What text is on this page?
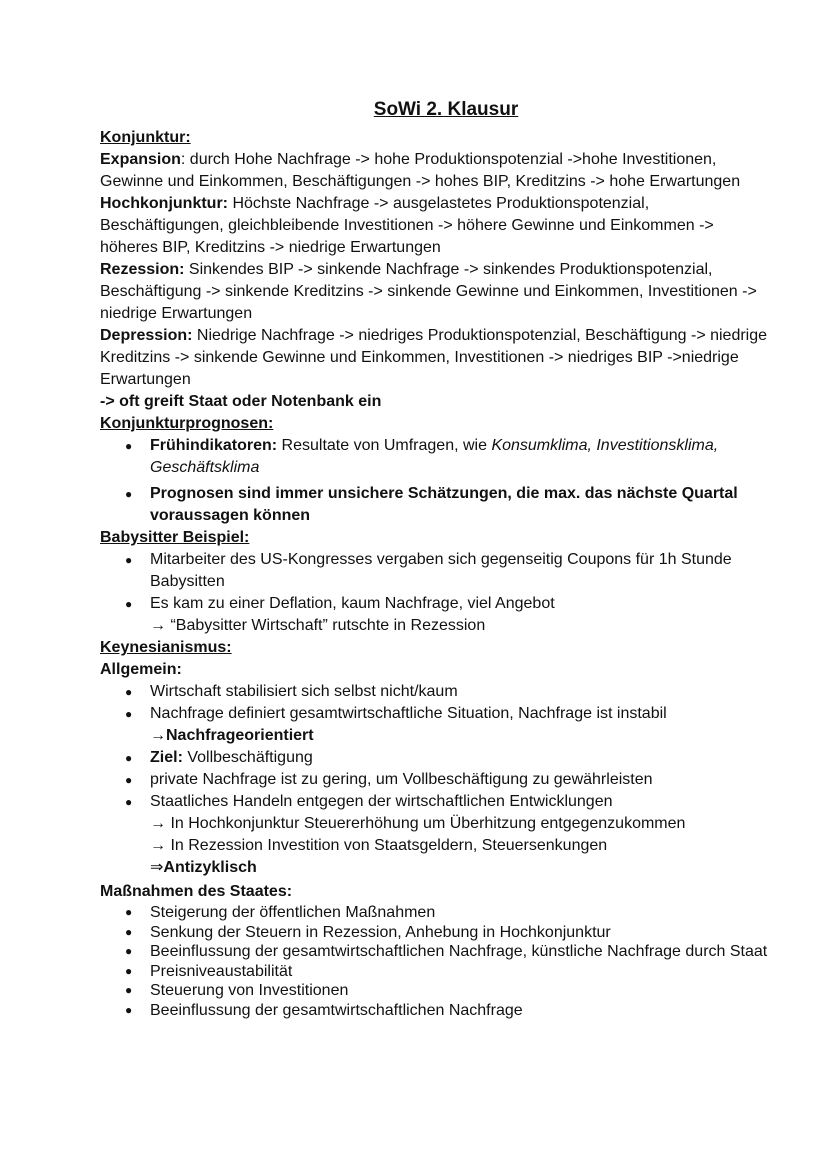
SoWi 2. Klausur

Konjunktur:

Expansion: durch Hohe Nachfrage -> hohe Produktionspotenzial ->hohe Investitionen, Gewinne und Einkommen, Beschäftigungen -> hohes BIP, Kreditzins -> hohe Erwartungen

Hochkonjunktur: Höchste Nachfrage -> ausgelastetes Produktionspotenzial, Beschäftigungen, gleichbleibende Investitionen -> höhere Gewinne und Einkommen -> höheres BIP, Kreditzins -> niedrige Erwartungen

Rezession: Sinkendes BIP -> sinkende Nachfrage -> sinkendes Produktionspotenzial, Beschäftigung -> sinkende Kreditzins -> sinkende Gewinne und Einkommen, Investitionen -> niedrige Erwartungen

Depression: Niedrige Nachfrage -> niedriges Produktionspotenzial, Beschäftigung -> niedrige Kreditzins -> sinkende Gewinne und Einkommen, Investitionen -> niedriges BIP ->niedrige Erwartungen

-> oft greift Staat oder Notenbank ein

Konjunkturprognosen:

● Frühindikatoren: Resultate von Umfragen, wie Konsumklima, Investitionsklima, Geschäftsklima
● Prognosen sind immer unsichere Schätzungen, die max. das nächste Quartal voraussagen können

Babysitter Beispiel:

● Mitarbeiter des US-Kongresses vergaben sich gegenseitig Coupons für 1h Stunde Babysitten
● Es kam zu einer Deflation, kaum Nachfrage, viel Angebot
→ “Babysitter Wirtschaft” rutschte in Rezession

Keynesianismus:

Allgemein:

● Wirtschaft stabilisiert sich selbst nicht/kaum
● Nachfrage definiert gesamtwirtschaftliche Situation, Nachfrage ist instabil
→Nachfrageorientiert
● Ziel: Vollbeschäftigung
● private Nachfrage ist zu gering, um Vollbeschäftigung zu gewährleisten
● Staatliches Handeln entgegen der wirtschaftlichen Entwicklungen
→ In Hochkonjunktur Steuererhöhung um Überhitzung entgegenzukommen
→ In Rezession Investition von Staatsgeldern, Steuersenkungen
⇒Antizyklisch

Maßnahmen des Staates:

● Steigerung der öffentlichen Maßnahmen
● Senkung der Steuern in Rezession, Anhebung in Hochkonjunktur
● Beeinflussung der gesamtwirtschaftlichen Nachfrage, künstliche Nachfrage durch Staat
● Preisniveaustabilität
● Steuerung von Investitionen
● Beeinflussung der gesamtwirtschaftlichen Nachfrage
